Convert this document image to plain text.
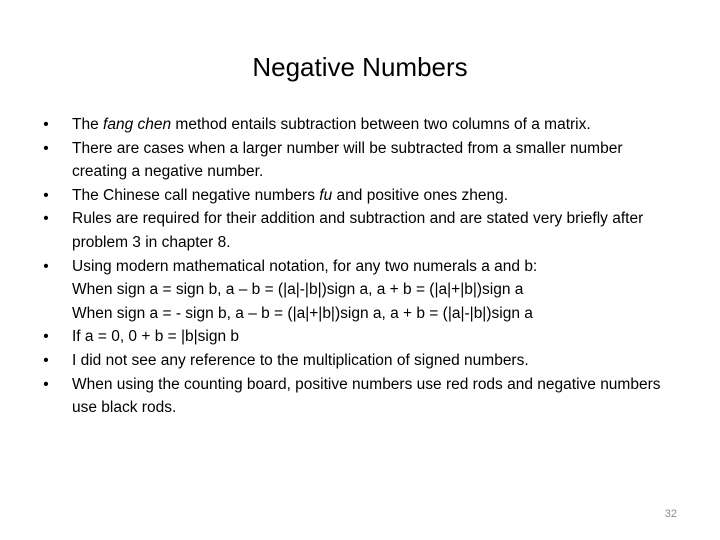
Negative Numbers
• The fang chen method entails subtraction between two columns of a matrix.
• There are cases when a larger number will be subtracted from a smaller number creating a negative number.
• The Chinese call negative numbers fu and positive ones zheng.
• Rules are required for their addition and subtraction and are stated very briefly after problem 3 in chapter 8.
• Using modern mathematical notation, for any two numerals a and b:
When sign a = sign b, a – b = (|a|-|b|)sign a, a + b = (|a|+|b|)sign a
When sign a = - sign b, a – b = (|a|+|b|)sign a, a + b = (|a|-|b|)sign a
• If a = 0, 0 + b = |b|sign b
• I did not see any reference to the multiplication of signed numbers.
• When using the counting board, positive numbers use red rods and negative numbers use black rods.
32
